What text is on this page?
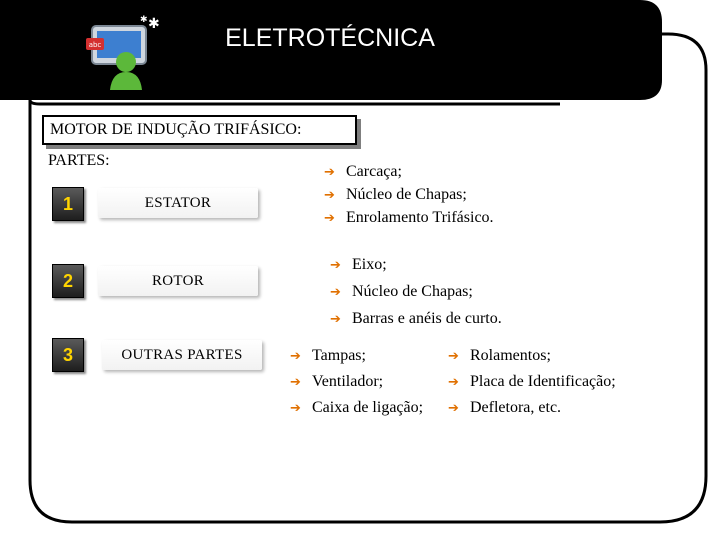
abc
✱
✱
ELETROTÉCNICA
MOTOR DE INDUÇÃO TRIFÁSICO:
PARTES:
1	ESTATOR
➔ Carcaça;
➔ Núcleo de Chapas;
➔ Enrolamento Trifásico.
2	ROTOR
➔ Eixo;
➔ Núcleo de Chapas;
➔ Barras e anéis de curto.
3	OUTRAS PARTES	➔ Tampas;
➔ Ventilador;
➔ Caixa de ligação;
➔ Rolamentos;
➔ Placa de Identificação;
➔ Defletora, etc.
